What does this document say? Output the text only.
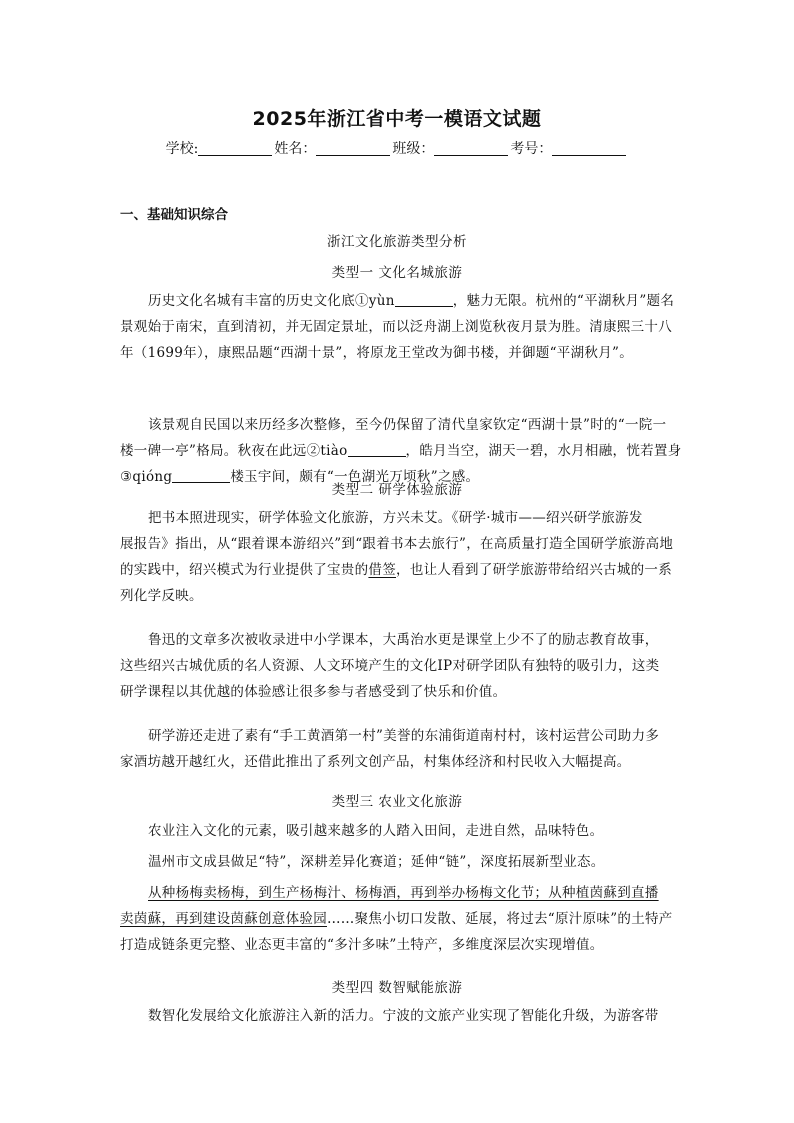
2025年浙江省中考一模语文试题
学校:	姓名：	班级：	考号：
一、基础知识综合
浙江文化旅游类型分析
类型一 文化名城旅游

历史文化名城有丰富的历史文化底①yùn	，魅力无限。杭州的“平湖秋月”题名

景观始于南宋，直到清初，并无固定景址，而以泛舟湖上浏览秋夜月景为胜。清康熙三十八

年（1699年），康熙品题“西湖十景”，将原龙王堂改为御书楼，并御题“平湖秋月”。

该景观自民国以来历经多次整修，至今仍保留了清代皇家钦定“西湖十景”时的“一院一

楼一碑一亭”格局。秋夜在此远②tiào	，皓月当空，湖天一碧，水月相融，恍若置身

③qióng	楼玉宇间，颇有“一色湖光万顷秋”之感。

类型二 研学体验旅游

把书本照进现实，研学体验文化旅游，方兴未艾。《研学·城市——绍兴研学旅游发

展报告》指出，从“跟着课本游绍兴”到“跟着书本去旅行”，在高质量打造全国研学旅游高地

的实践中，绍兴模式为行业提供了宝贵的借签，也让人看到了研学旅游带给绍兴古城的一系

列化学反映。

鲁迅的文章多次被收录进中小学课本，大禹治水更是课堂上少不了的励志教育故事，

这些绍兴古城优质的名人资源、人文环境产生的文化IP对研学团队有独特的吸引力，这类

研学课程以其优越的体验感让很多参与者感受到了快乐和价值。

研学游还走进了素有“手工黄酒第一村”美誉的东浦街道南村村，该村运营公司助力多

家酒坊越开越红火，还借此推出了系列文创产品，村集体经济和村民收入大幅提高。

类型三 农业文化旅游

农业注入文化的元素，吸引越来越多的人踏入田间，走进自然，品味特色。

温州市文成县做足“特”，深耕差异化赛道；延伸“链”，深度拓展新型业态。

从种杨梅卖杨梅，到生产杨梅汁、杨梅酒，再到举办杨梅文化节；从种植茵蘇到直播

卖茵蘇，再到建设茵蘇创意体验园……聚焦小切口发散、延展，将过去“原汁原味”的土特产

打造成链条更完整、业态更丰富的“多汁多味”土特产，多维度深层次实现增值。

类型四 数智赋能旅游

数智化发展给文化旅游注入新的活力。宁波的文旅产业实现了智能化升级，为游客带
